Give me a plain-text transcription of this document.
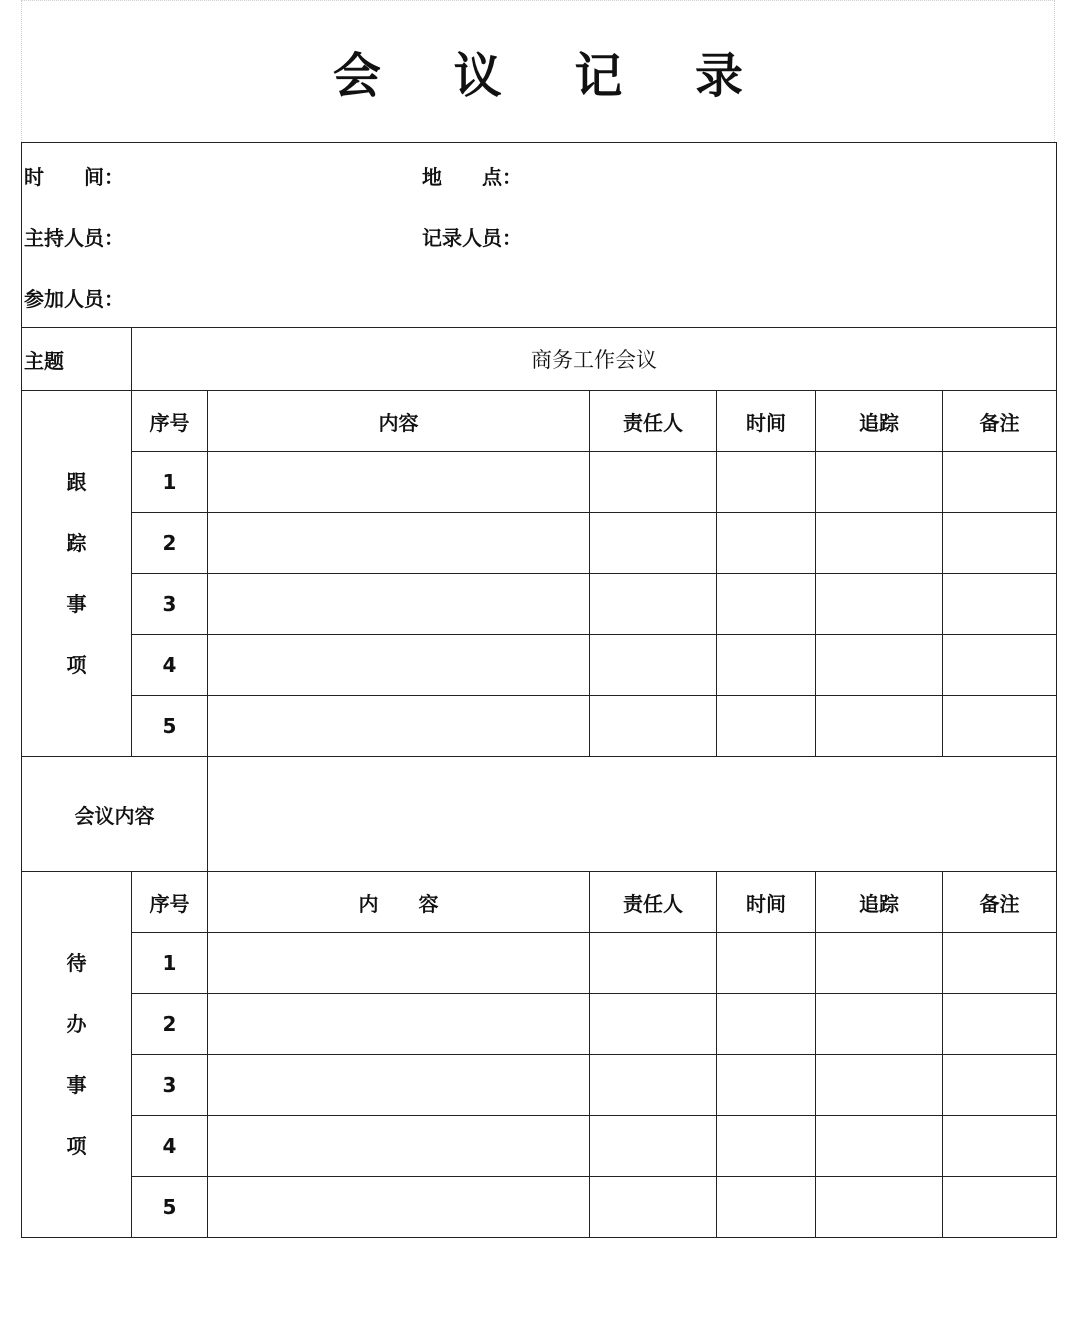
会 议 记 录
时　　间： 地　　点：
主持人员： 记录人员：
参加人员：						

主题	商务工作会议					

跟
踪
事
项	序号	内容	责任人	时间	追踪	备注
	1					
	2					
	3					
	4					
	5					
会议内容						

待
办
事
项	序号	内　　容	责任人	时间	追踪	备注
	1					
	2					
	3					
	4					
	5					
